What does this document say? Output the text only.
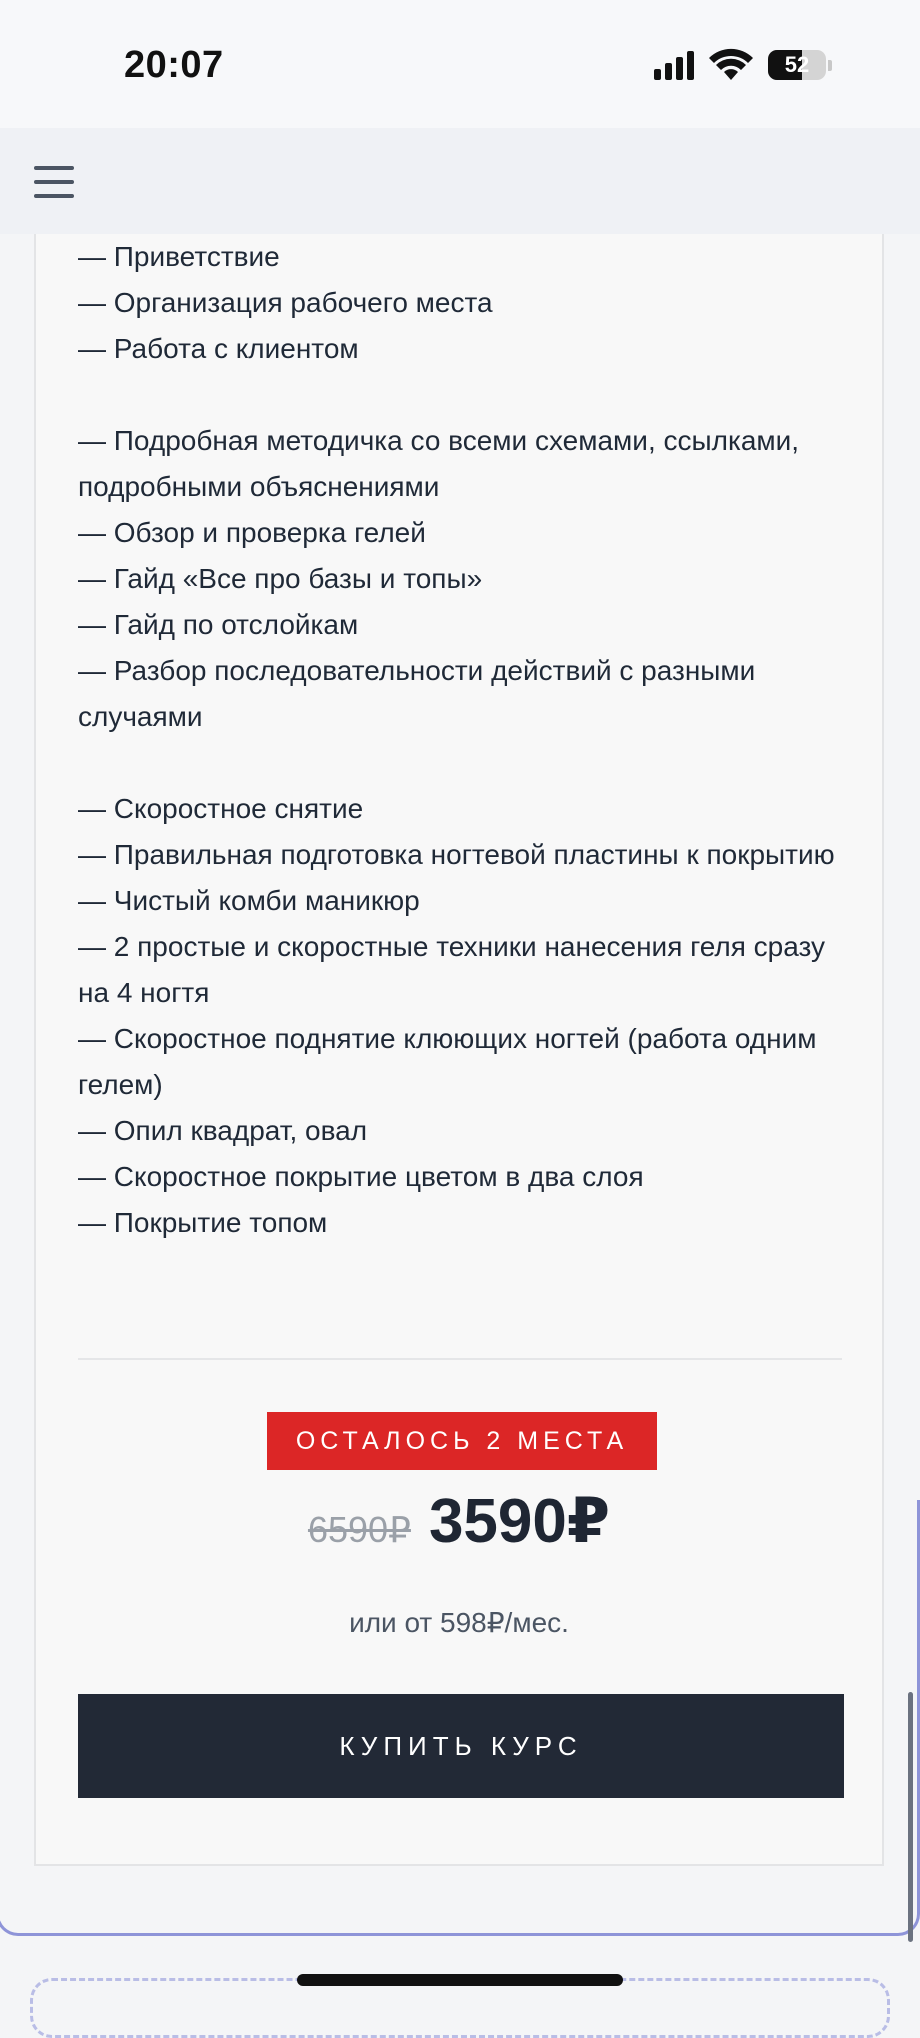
20:07	52
— Приветствие
— Организация рабочего места
— Работа с клиентом
— Подробная методичка со всеми схемами, ссылками, подробными объяснениями
— Обзор и проверка гелей
— Гайд «Все про базы и топы»
— Гайд по отслойкам
— Разбор последовательности действий с разными случаями
— Скоростное снятие
— Правильная подготовка ногтевой пластины к покрытию
— Чистый комби маникюр
— 2 простые и скоростные техники нанесения геля сразу на 4 ногтя
— Скоростное поднятие клюющих ногтей (работа одним гелем)
— Опил квадрат, овал
— Скоростное покрытие цветом в два слоя
— Покрытие топом
ОСТАЛОСЬ 2 МЕСТА
6590₽ 3590₽
или от 598₽/мес.
КУПИТЬ КУРС
